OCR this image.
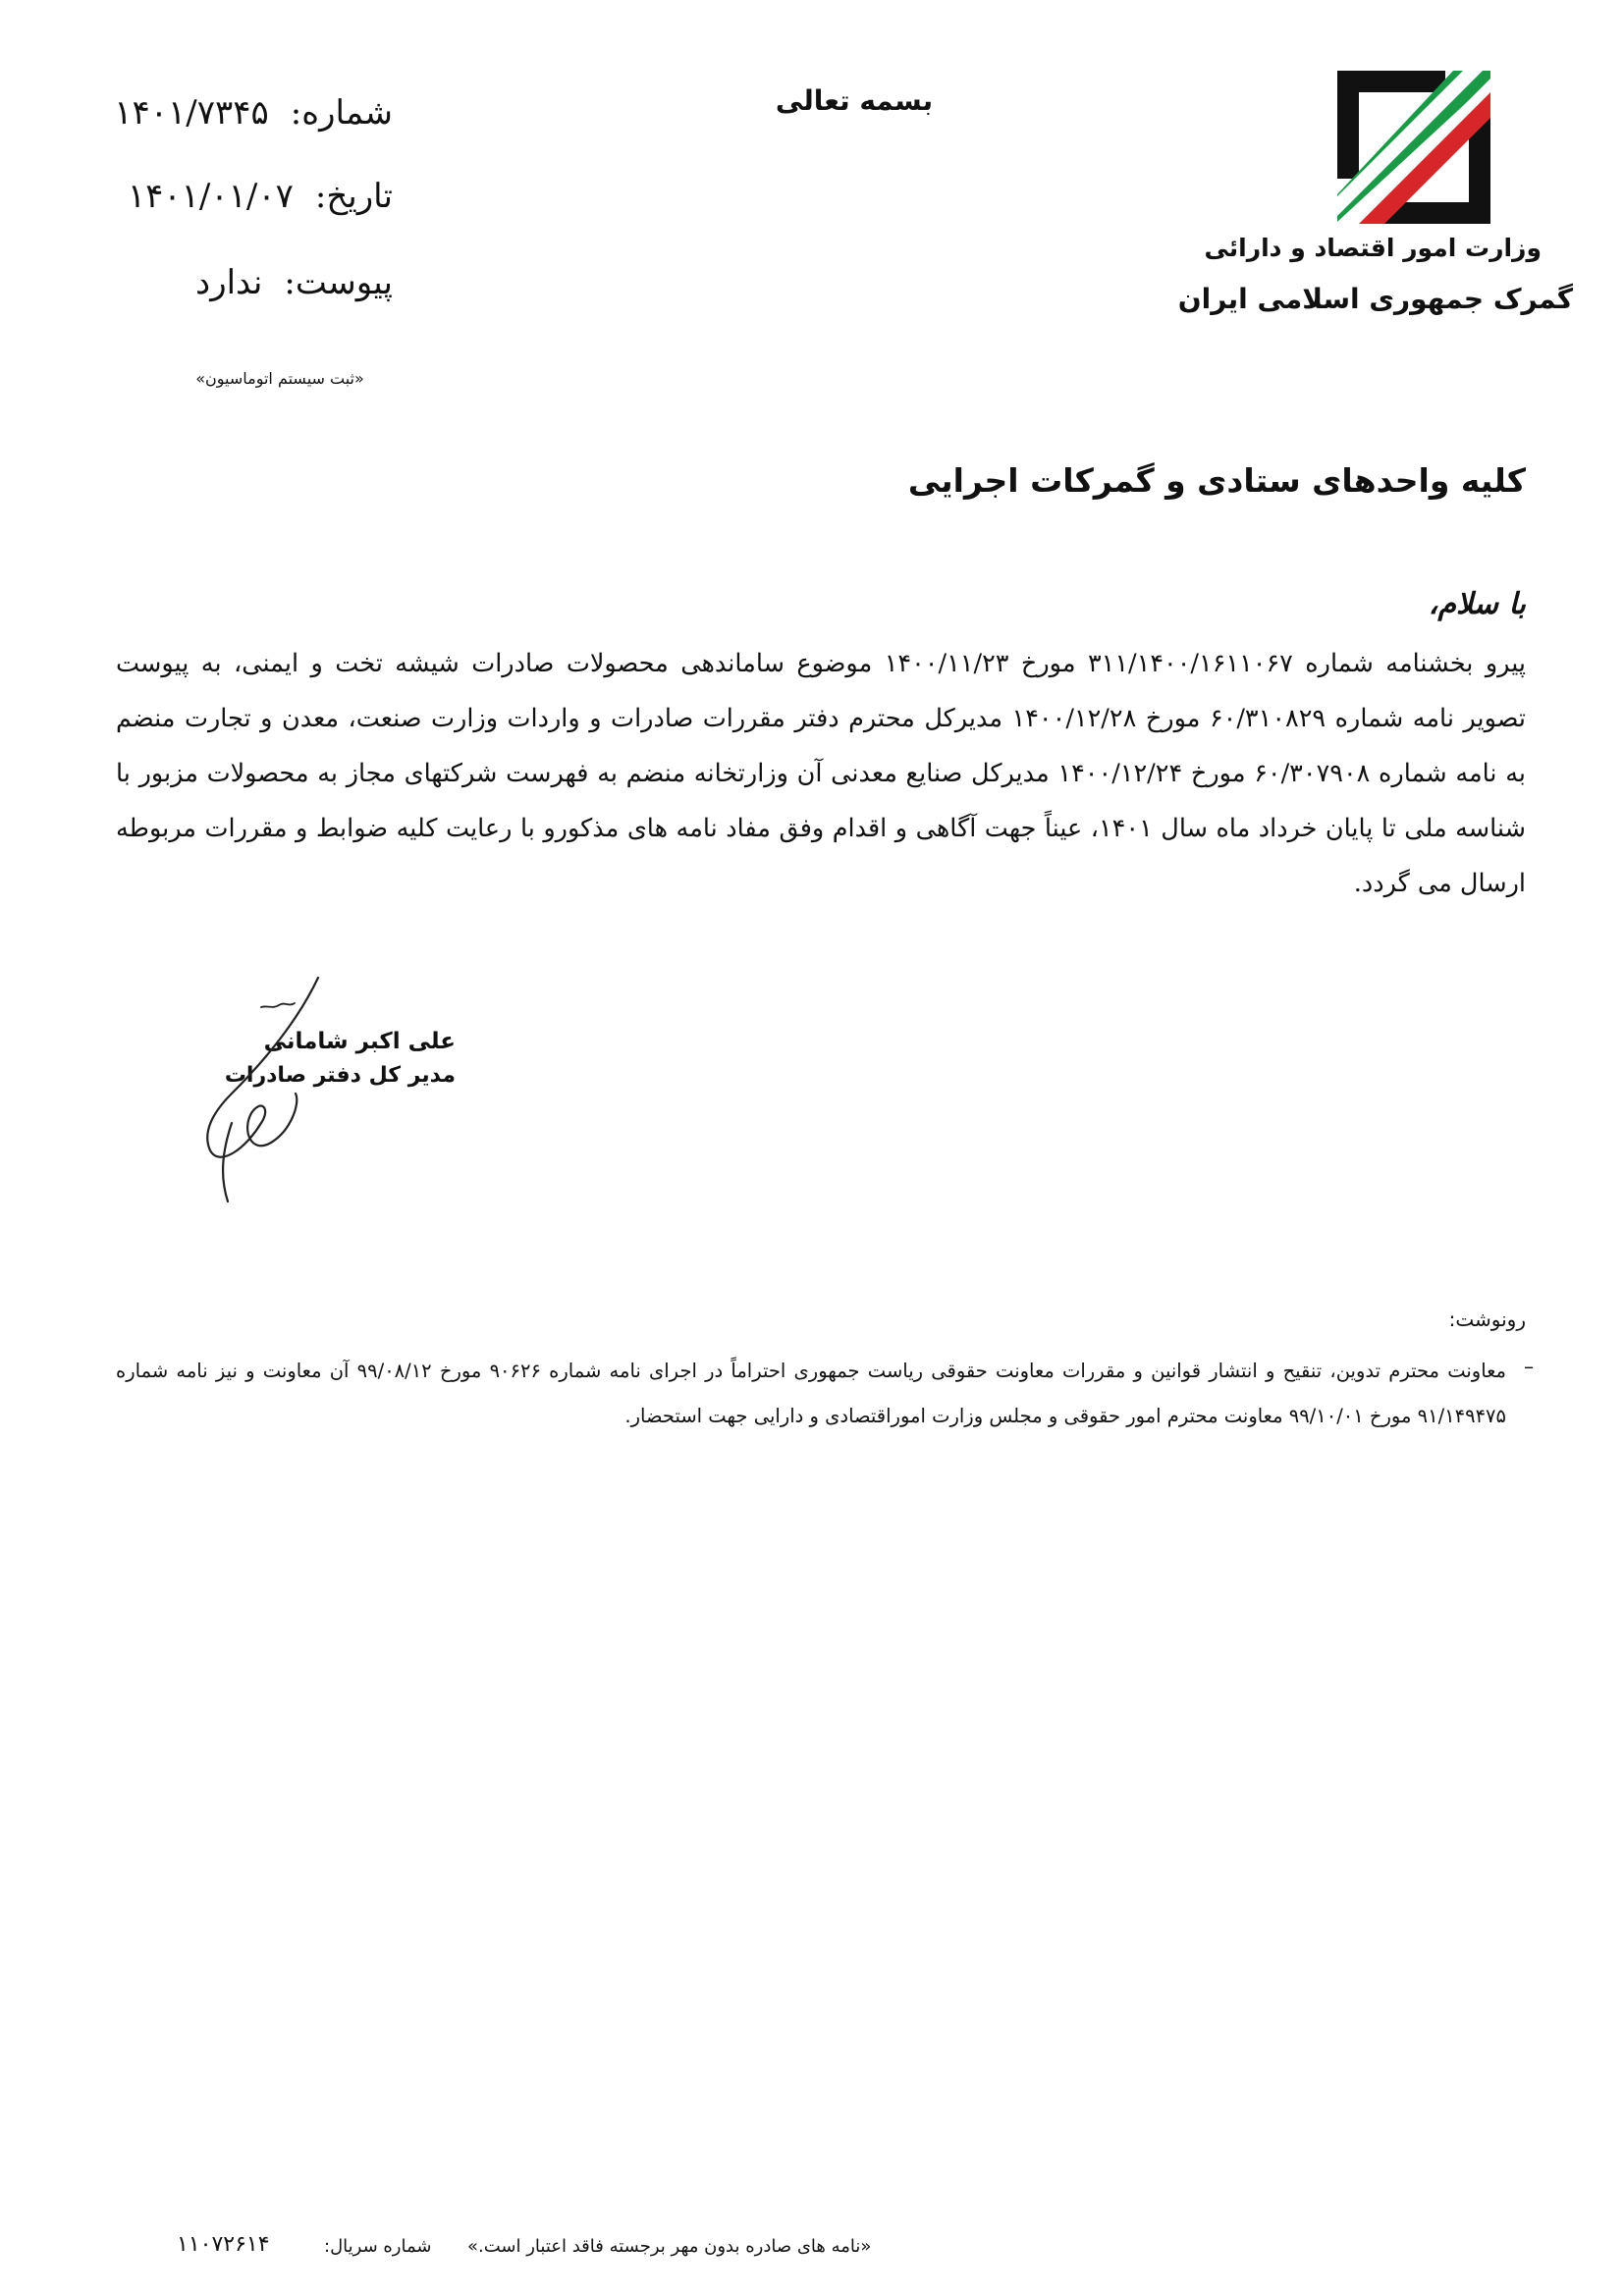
بسمه تعالی
شماره:۱۴۰۱/۷۳۴۵
تاریخ:۱۴۰۱/۰۱/۰۷
پیوست:ندارد
«ثبت سیستم اتوماسیون»
وزارت امور اقتصاد و دارائی
گمرک جمهوری اسلامی ایران
کلیه واحدهای ستادی و گمرکات اجرایی
با سلام،
پیرو بخشنامه شماره ۳۱۱/۱۴۰۰/۱۶۱۱۰۶۷ مورخ ۱۴۰۰/۱۱/۲۳ موضوع ساماندهی محصولات صادرات شیشه تخت و ایمنی، به پیوست تصویر نامه شماره ۶۰/۳۱۰۸۲۹ مورخ ۱۴۰۰/۱۲/۲۸ مدیرکل محترم دفتر مقررات صادرات و واردات وزارت صنعت، معدن و تجارت منضم به نامه شماره ۶۰/۳۰۷۹۰۸ مورخ ۱۴۰۰/۱۲/۲۴ مدیرکل صنایع معدنی آن وزارتخانه منضم به فهرست شرکتهای مجاز به محصولات مزبور با شناسه ملی تا پایان خرداد ماه سال ۱۴۰۱، عیناً جهت آگاهی و اقدام وفق مفاد نامه های مذکورو با رعایت کلیه ضوابط و مقررات مربوطه ارسال می گردد.
علی اکبر شامانی
مدیر کل دفتر صادرات
رونوشت:
–
معاونت محترم تدوین، تنقیح و انتشار قوانین و مقررات معاونت حقوقی ریاست جمهوری احتراماً در اجرای نامه شماره ۹۰۶۲۶ مورخ ۹۹/۰۸/۱۲ آن معاونت و نیز نامه شماره ۹۱/۱۴۹۴۷۵ مورخ ۹۹/۱۰/۰۱ معاونت محترم امور حقوقی و مجلس وزارت اموراقتصادی و دارایی جهت استحضار.
«نامه های صادره بدون مهر برجسته فاقد اعتبار است.»
شماره سریال:
۱۱۰۷۲۶۱۴
